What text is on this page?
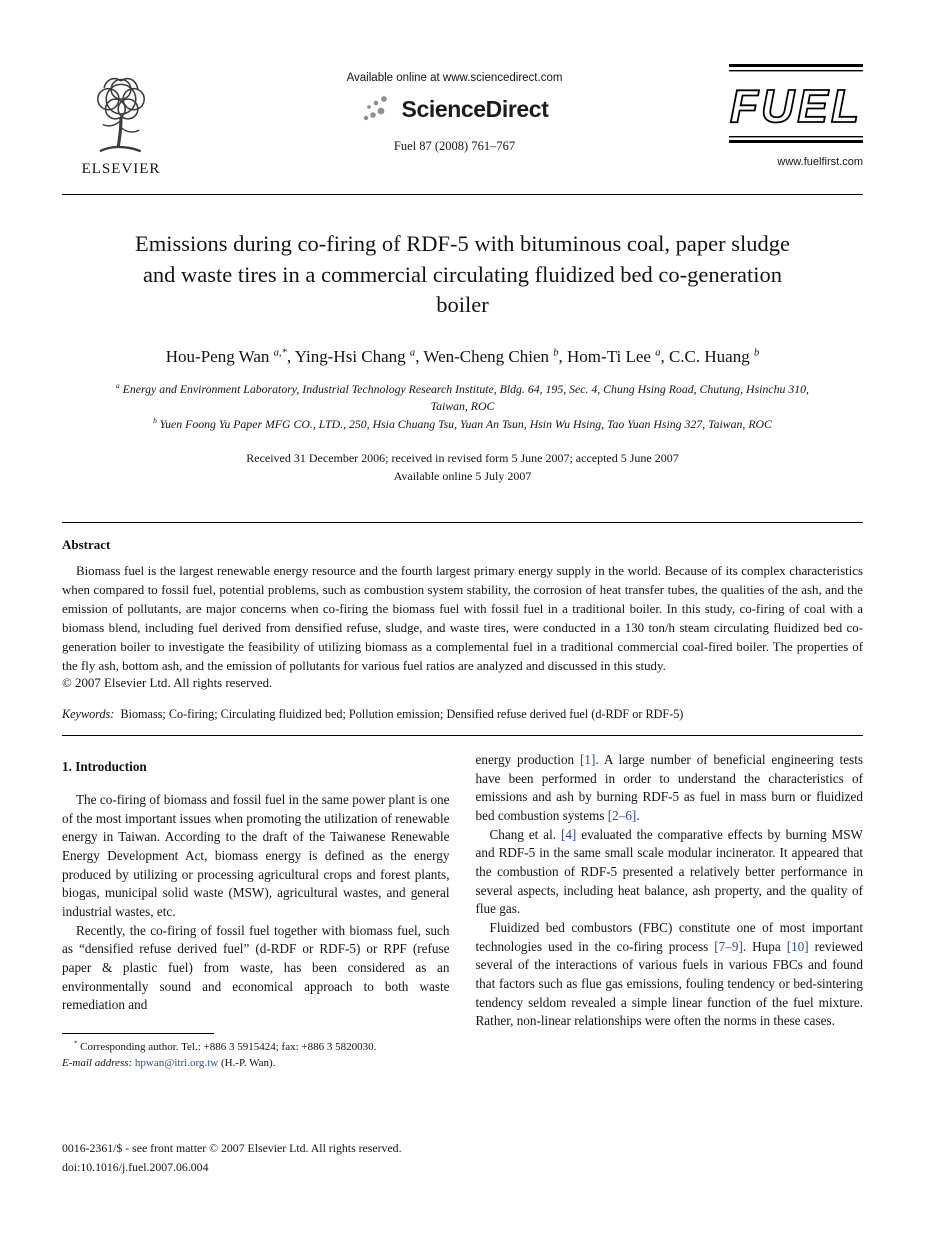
ELSEVIER
Available online at www.sciencedirect.com
ScienceDirect
Fuel 87 (2008) 761–767
FUEL
www.fuelfirst.com
Emissions during co-firing of RDF-5 with bituminous coal, paper sludge and waste tires in a commercial circulating fluidized bed co-generation boiler
Hou-Peng Wan $^{a,*}$, Ying-Hsi Chang $^a$, Wen-Cheng Chien $^b$, Hom-Ti Lee $^a$, C.C. Huang $^b$
$^a$ Energy and Environment Laboratory, Industrial Technology Research Institute, Bldg. 64, 195, Sec. 4, Chung Hsing Road, Chutung, Hsinchu 310, Taiwan, ROC
$^b$ Yuen Foong Yu Paper MFG CO., LTD., 250, Hsia Chuang Tsu, Yuan An Tsun, Hsin Wu Hsing, Tao Yuan Hsing 327, Taiwan, ROC
Received 31 December 2006; received in revised form 5 June 2007; accepted 5 June 2007
Available online 5 July 2007
Abstract

Biomass fuel is the largest renewable energy resource and the fourth largest primary energy supply in the world. Because of its complex characteristics when compared to fossil fuel, potential problems, such as combustion system stability, the corrosion of heat transfer tubes, the qualities of the ash, and the emission of pollutants, are major concerns when co-firing the biomass fuel with fossil fuel in a traditional boiler. In this study, co-firing of coal with a biomass blend, including fuel derived from densified refuse, sludge, and waste tires, were conducted in a 130 ton/h steam circulating fluidized bed co-generation boiler to investigate the feasibility of utilizing biomass as a complemental fuel in a traditional commercial coal-fired boiler. The properties of the fly ash, bottom ash, and the emission of pollutants for various fuel ratios are analyzed and discussed in this study.

© 2007 Elsevier Ltd. All rights reserved.

Keywords:  Biomass; Co-firing; Circulating fluidized bed; Pollution emission; Densified refuse derived fuel (d-RDF or RDF-5)

1. Introduction

The co-firing of biomass and fossil fuel in the same power plant is one of the most important issues when promoting the utilization of renewable energy in Taiwan. According to the draft of the Taiwanese Renewable Energy Development Act, biomass energy is defined as the energy produced by utilizing or processing agricultural crops and forest plants, biogas, municipal solid waste (MSW), agricultural wastes, and general industrial wastes, etc.

Recently, the co-firing of fossil fuel together with biomass fuel, such as “densified refuse derived fuel” (d-RDF or RDF-5) or RPF (refuse paper & plastic fuel) from waste, has been considered as an environmentally sound and economical approach to both waste remediation and

* Corresponding author. Tel.: +886 3 5915424; fax: +886 3 5820030.

E-mail address: hpwan@itri.org.tw (H.-P. Wan).

energy production [1]. A large number of beneficial engineering tests have been performed in order to understand the characteristics of emissions and ash by burning RDF-5 as fuel in mass burn or fluidized bed combustion systems [2–6].

Chang et al. [4] evaluated the comparative effects by burning MSW and RDF-5 in the same small scale modular incinerator. It appeared that the combustion of RDF-5 presented a relatively better performance in several aspects, including heat balance, ash property, and the quality of flue gas.

Fluidized bed combustors (FBC) constitute one of most important technologies used in the co-firing process [7–9]. Hupa [10] reviewed several of the interactions of various fuels in various FBCs and found that factors such as flue gas emissions, fouling tendency or bed-sintering tendency seldom revealed a simple linear function of the fuel mixture. Rather, non-linear relationships were often the norms in these cases.

0016-2361/$ - see front matter © 2007 Elsevier Ltd. All rights reserved.

doi:10.1016/j.fuel.2007.06.004
